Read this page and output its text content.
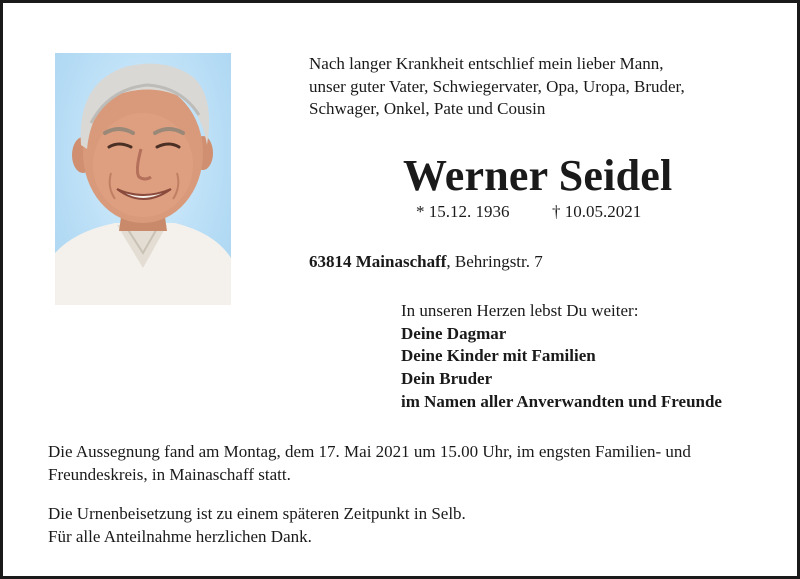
Nach langer Krankheit entschlief mein lieber Mann,
unser guter Vater, Schwiegervater, Opa, Uropa, Bruder,
Schwager, Onkel, Pate und Cousin
Werner Seidel
* 15.12. 1936	† 10.05.2021
63814 Mainaschaff, Behringstr. 7
In unseren Herzen lebst Du weiter:
Deine Dagmar
Deine Kinder mit Familien
Dein Bruder
im Namen aller Anverwandten und Freunde
Die Aussegnung fand am Montag, dem 17. Mai 2021 um 15.00 Uhr, im engsten Familien- und
Freundeskreis, in Mainaschaff statt.
Die Urnenbeisetzung ist zu einem späteren Zeitpunkt in Selb.
Für alle Anteilnahme herzlichen Dank.
